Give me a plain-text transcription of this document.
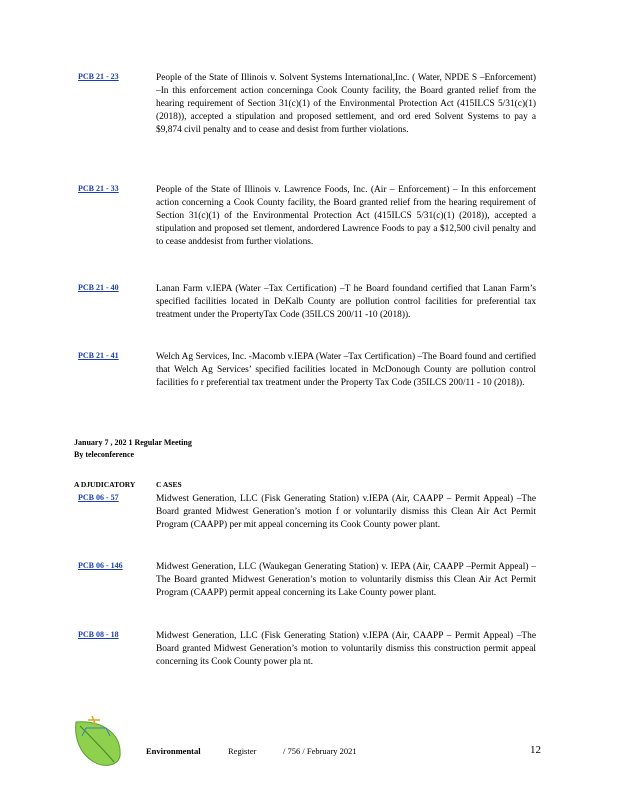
PCB 21 - 23	People of the State of Illinois v. Solvent Systems International,Inc. ( Water, NPDE S –Enforcement) –In this enforcement action concerninga Cook County facility, the Board granted relief from the hearing requirement of Section 31(c)(1) of the Environmental Protection Act (415ILCS 5/31(c)(1) (2018)), accepted a stipulation and proposed settlement, and ord ered Solvent Systems to pay a $9,874 civil penalty and to cease and desist from further violations.
PCB 21 - 33	People of the State of Illinois v. Lawrence Foods, Inc. (Air – Enforcement) – In this enforcement action concerning a Cook County facility, the Board granted relief from the hearing requirement of Section 31(c)(1) of the Environmental Protection Act (415ILCS 5/31(c)(1) (2018)), accepted a stipulation and proposed set tlement, andordered Lawrence Foods to pay a $12,500 civil penalty and to cease anddesist from further violations.
PCB 21 - 40	Lanan Farm v.IEPA (Water –Tax Certification) –T he Board foundand certified that Lanan Farm’s specified facilities located in DeKalb County are pollution control facilities for preferential tax treatment under the PropertyTax Code (35ILCS 200/11 -10 (2018)).
PCB 21 - 41	Welch Ag Services, Inc. -Macomb v.IEPA (Water –Tax Certification) –The Board found and certified that Welch Ag Services’ specified facilities located in McDonough County are pollution control facilities fo r preferential tax treatment under the Property Tax Code (35ILCS 200/11 - 10 (2018)).
January 7 , 202 1 Regular Meeting
By teleconference
A DJUDICATORY	C ASES
PCB 06 - 57	Midwest Generation, LLC (Fisk Generating Station) v.IEPA (Air, CAAPP – Permit Appeal) –The Board granted Midwest Generation’s motion f or voluntarily dismiss this Clean Air Act Permit Program (CAAPP) per mit appeal concerning its Cook County power plant.
PCB 06 - 146	Midwest Generation, LLC (Waukegan Generating Station) v. IEPA (Air, CAAPP –Permit Appeal) –The Board granted Midwest Generation’s motion to voluntarily dismiss this Clean Air Act Permit Program (CAAPP) permit appeal concerning its Lake County power plant.
PCB 08 - 18	Midwest Generation, LLC (Fisk Generating Station) v.IEPA (Air, CAAPP – Permit Appeal) –The Board granted Midwest Generation’s motion to voluntarily dismiss this construction permit appeal concerning its Cook County power pla nt.
Environmental	Register	/ 756 / February 2021	12
